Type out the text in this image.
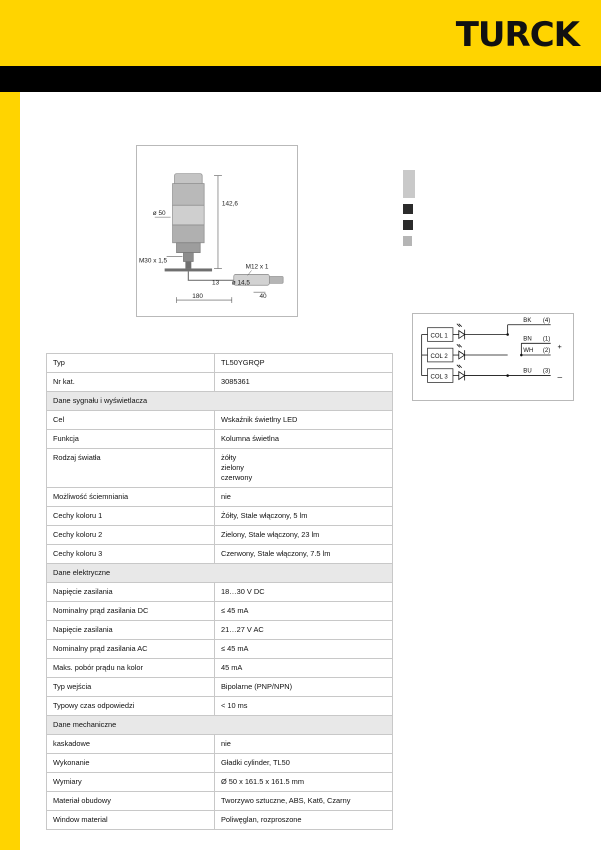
TURCK
142,6
ø 50
M30 x 1,5
M12 x 1
13 ø 14,5
180	40
COL 1
COL 2
COL 3
BK (4)
BN (1)
WH (2)
BU (3)
+
–
Typ	TL50YGRQP
Nr kat.	3085361
Dane sygnału i wyświetlacza	
Cel	Wskaźnik świetlny LED
Funkcja	Kolumna świetlna
Rodzaj światła	żółty
zielony
czerwony

Możliwość ściemniania	nie
Cechy koloru 1	Żółty, Stale włączony, 5 lm
Cechy koloru 2	Zielony, Stale włączony, 23 lm
Cechy koloru 3	Czerwony, Stale włączony, 7.5 lm
Dane elektryczne	
Napięcie zasilania	18…30 V DC
Nominalny prąd zasilania DC	≤ 45 mA
Napięcie zasilania	21…27 V AC
Nominalny prąd zasilania AC	≤ 45 mA
Maks. pobór prądu na kolor	45 mA
Typ wejścia	Bipolarne (PNP/NPN)
Typowy czas odpowiedzi	< 10 ms
Dane mechaniczne	
kaskadowe	nie
Wykonanie	Gładki cylinder, TL50
Wymiary	Ø 50 x 161.5 x 161.5 mm
Materiał obudowy	Tworzywo sztuczne, ABS, Kat6, Czarny
Window material	Poliwęglan, rozproszone
